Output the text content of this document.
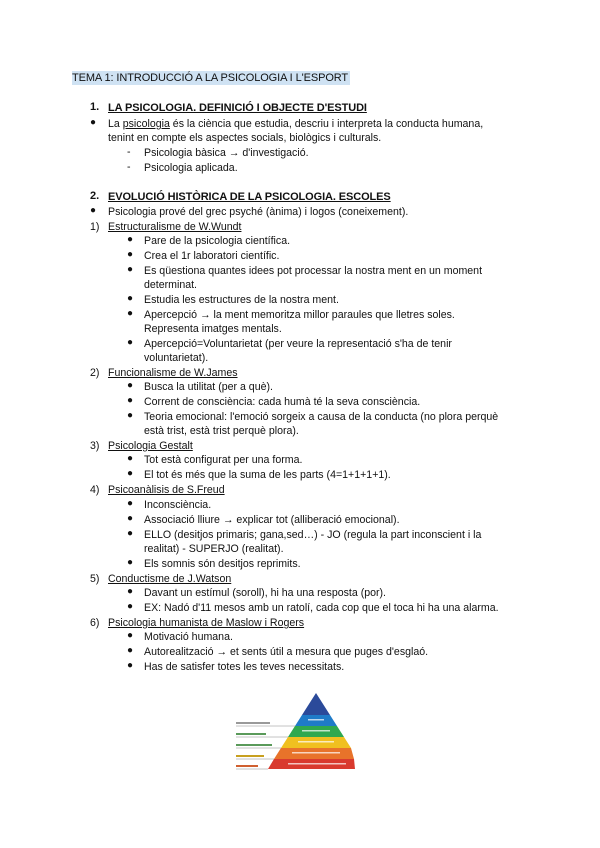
TEMA 1: INTRODUCCIÓ A LA PSICOLOGIA I L'ESPORT
1. LA PSICOLOGIA. DEFINICIÓ I OBJECTE D'ESTUDI
● La psicologia és la ciència que estudia, descriu i interpreta la conducta humana,
tenint en compte els aspectes socials, biològics i culturals.
- Psicologia bàsica → d'investigació.
- Psicologia aplicada.
2. EVOLUCIÓ HISTÒRICA DE LA PSICOLOGIA. ESCOLES
● Psicologia prové del grec psyché (ànima) i logos (coneixement).
1) Estructuralisme de W.Wundt
● Pare de la psicologia científica.
● Crea el 1r laboratori científic.
● Es qüestiona quantes idees pot processar la nostra ment en un moment
determinat.
● Estudia les estructures de la nostra ment.
● Apercepció → la ment memoritza millor paraules que lletres soles.
Representa imatges mentals.
● Apercepció=Voluntarietat (per veure la representació s'ha de tenir
voluntarietat).
2) Funcionalisme de W.James
● Busca la utilitat (per a què).
● Corrent de consciència: cada humà té la seva consciència.
● Teoria emocional: l'emoció sorgeix a causa de la conducta (no plora perquè
està trist, està trist perquè plora).
3) Psicologia Gestalt
● Tot està configurat per una forma.
● El tot és més que la suma de les parts (4=1+1+1+1).
4) Psicoanàlisis de S.Freud
● Inconsciència.
● Associació lliure → explicar tot (alliberació emocional).
● ELLO (desitjos primaris; gana,sed…) - JO (regula la part inconscient i la
realitat) - SUPERJO (realitat).
● Els somnis són desitjos reprimits.
5) Conductisme de J.Watson
● Davant un estímul (soroll), hi ha una resposta (por).
● EX: Nadó d'11 mesos amb un ratolí, cada cop que el toca hi ha una alarma.
6) Psicologia humanista de Maslow i Rogers
● Motivació humana.
● Autorealització → et sents útil a mesura que puges d'esglaó.
● Has de satisfer totes les teves necessitats.
